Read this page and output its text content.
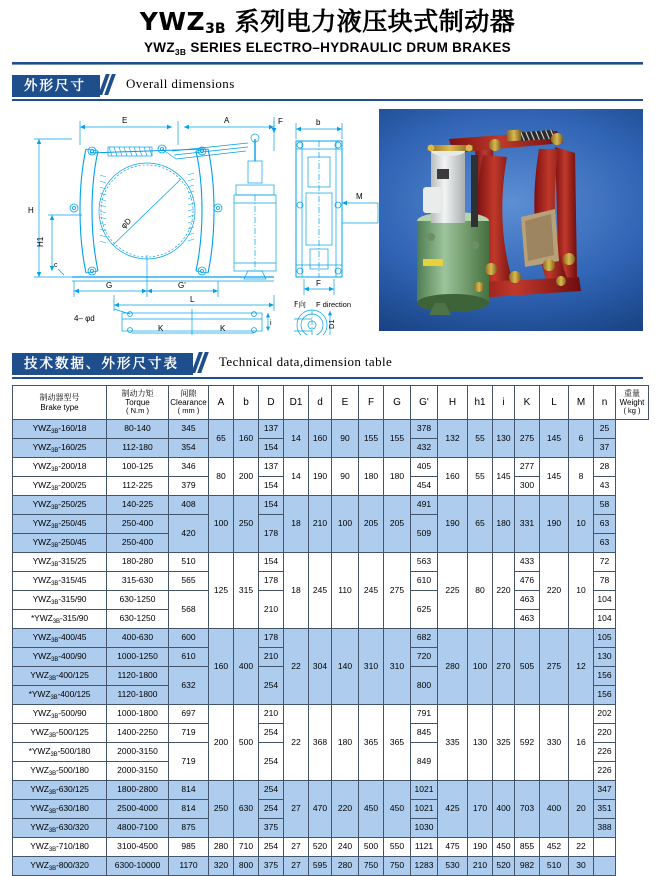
$YWZ_{3B}$ 系列电力液压块式制动器
$YWZ_{3B}$ SERIES ELECTRO–HYDRAULIC DRUM BRAKES
外形尺寸	Overall dimensions
E	A	F
H
H1
c
φD
G	G'
L
4– φd
i
K	K
b
M
F
F向 F direction
D1
技术数据、外形尺寸表	Technical data,dimension table
制动器型号
Brake type	制动力矩
Torque
( N.m )	间隙
Clearance
( mm )	A	b	D	D1	d	E	F	G	G'	H	h1	i	K	L	M	n	重量
Weight
( kg )

$YWZ_{3B}-160/18$	80-140	345	65	160	137	14	160	90	155	155	378	132	55	130	275	145	6	25	
$YWZ_{3B}-160/25$	112-180	354			154						432							37	
$YWZ_{3B}-200/18$	100-125	346	80	200	137	14	190	90	180	180	405	160	55	145	277	145	8	28	
$YWZ_{3B}-200/25$	112-225	379			154						454				300			43	
$YWZ_{3B}-250/25$	140-225	408	100	250	154	18	210	100	205	205	491	190	65	180	331	190	10	58	
$YWZ_{3B}-250/45$	250-400	420			178						509							63	
$YWZ_{3B}-250/45$	250-400																	63	
$YWZ_{3B}-315/25$	180-280	510	125	315	154	18	245	110	245	275	563	225	80	220	433	220	10	72	
$YWZ_{3B}-315/45$	315-630	565			178						610				476			78	
$YWZ_{3B}-315/90$	630-1250	568			210						625				463			104	
$*YWZ_{3B}-315/90$	630-1250														463			104	
$YWZ_{3B}-400/45$	400-630	600	160	400	178	22	304	140	310	310	682	280	100	270	505	275	12	105	
$YWZ_{3B}-400/90$	1000-1250	610			210						720							130	
$YWZ_{3B}-400/125$	1120-1800	632			254						800							156	
$*YWZ_{3B}-400/125$	1120-1800																	156	
$YWZ_{3B}-500/90$	1000-1800	697	200	500	210	22	368	180	365	365	791	335	130	325	592	330	16	202	
$YWZ_{3B}-500/125$	1400-2250	719			254						845							220	
$*YWZ_{3B}-500/180$	2000-3150	719			254						849							226	
$YWZ_{3B}-500/180$	2000-3150																	226	
$YWZ_{3B}-630/125$	1800-2800	814	250	630	254	27	470	220	450	450	1021	425	170	400	703	400	20	347	
$YWZ_{3B}-630/180$	2500-4000	814			254						1021							351	
$YWZ_{3B}-630/320$	4800-7100	875			375						1030							388	
$YWZ_{3B}-710/180$	3100-4500	985	280	710	254	27	520	240	500	550	1121	475	190	450	855	452	22		
$YWZ_{3B}-800/320$	6300-10000	1170	320	800	375	27	595	280	750	750	1283	530	210	520	982	510	30		
